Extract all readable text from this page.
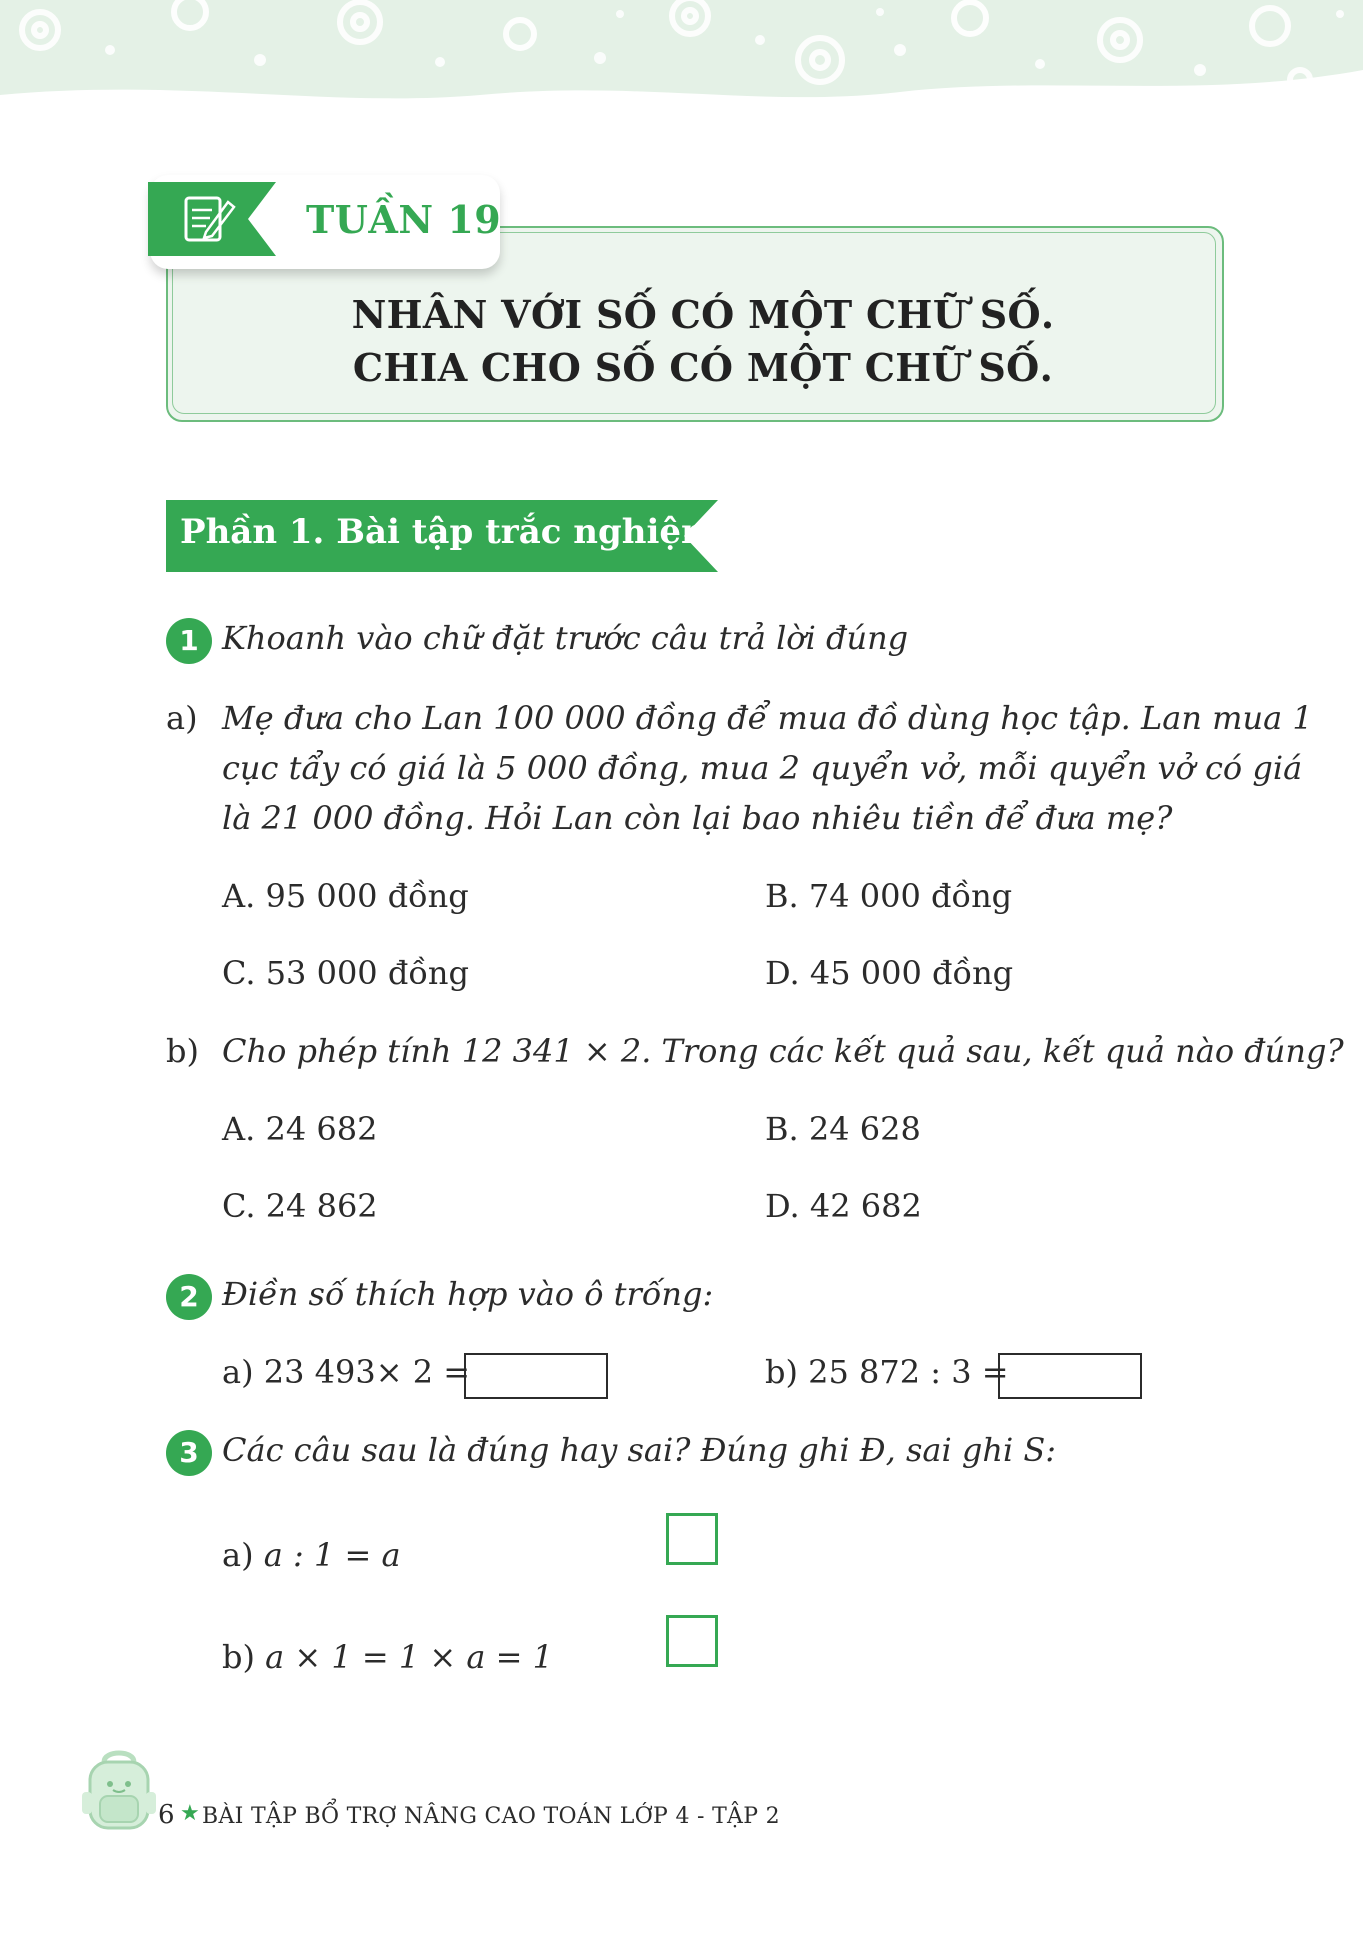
NHÂN VỚI SỐ CÓ MỘT CHỮ SỐ.
CHIA CHO SỐ CÓ MỘT CHỮ SỐ.
TUẦN 19
Phần 1. Bài tập trắc nghiệm
1 Khoanh vào chữ đặt trước câu trả lời đúng
a) Mẹ đưa cho Lan 100 000 đồng để mua đồ dùng học tập. Lan mua 1
cục tẩy có giá là 5 000 đồng, mua 2 quyển vở, mỗi quyển vở có giá
là 21 000 đồng. Hỏi Lan còn lại bao nhiêu tiền để đưa mẹ?
A. 95 000 đồng	B. 74 000 đồng
C. 53 000 đồng	D. 45 000 đồng
b) Cho phép tính 12 341 × 2. Trong các kết quả sau, kết quả nào đúng?
A. 24 682	B. 24 628
C. 24 862	D. 42 682
2 Điền số thích hợp vào ô trống:
a) 23 493× 2 =	b) 25 872 : 3 =
3 Các câu sau là đúng hay sai? Đúng ghi Đ, sai ghi S:
a) a : 1 = a
b) a × 1 = 1 × a = 1
6 ★ BÀI TẬP BỔ TRỢ NÂNG CAO TOÁN LỚP 4 - TẬP 2
